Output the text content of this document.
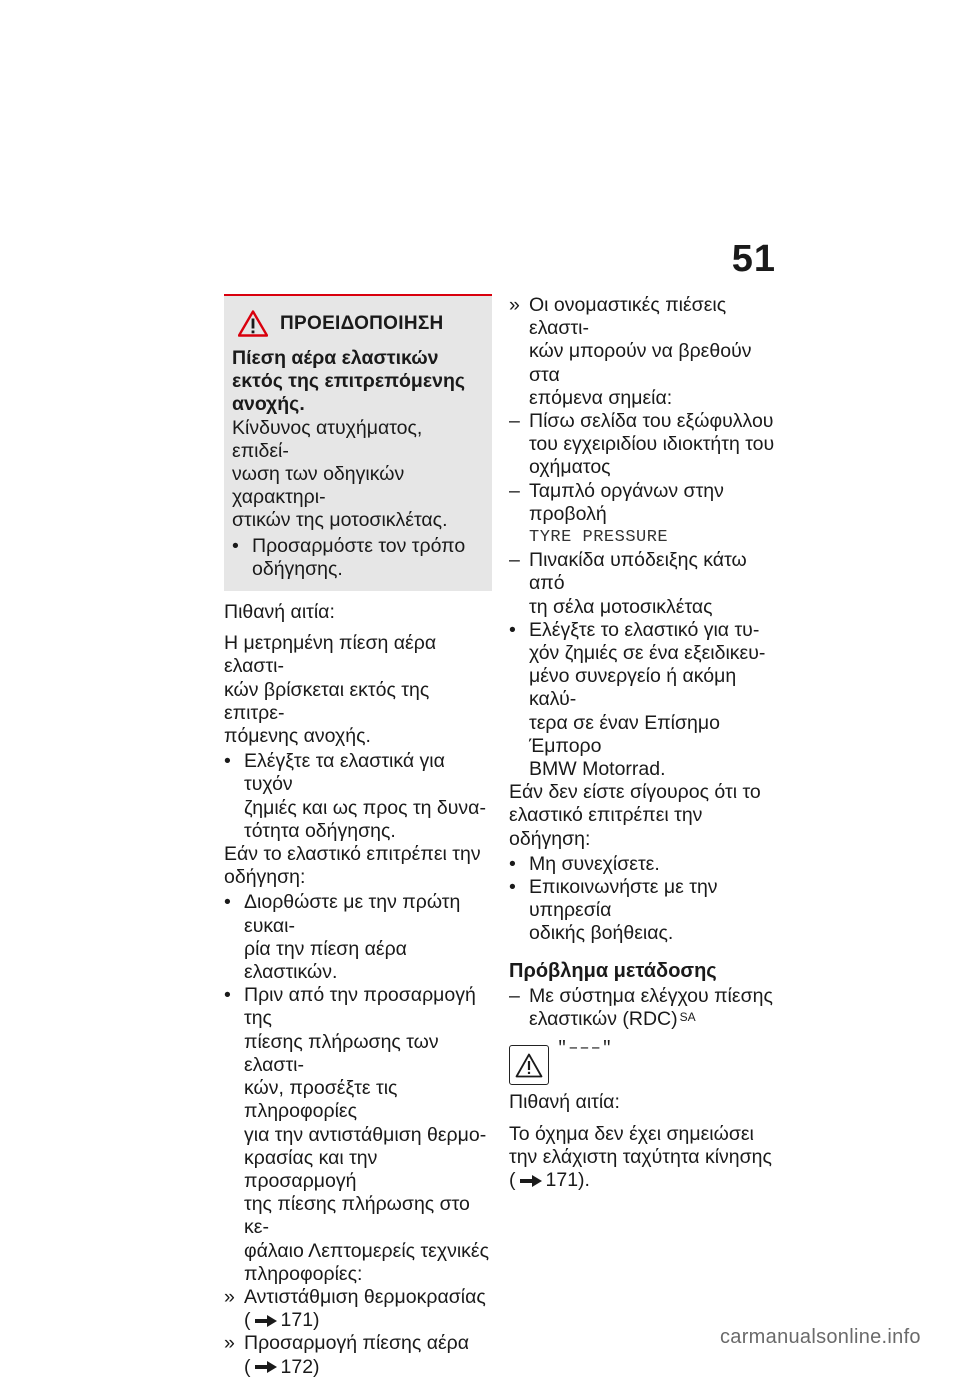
51
ΠΡΟΕΙΔΟΠΟΙΗΣΗ
Πίεση αέρα ελαστικών
εκτός της επιτρεπόμενης
ανοχής.
Κίνδυνος ατυχήματος, επιδεί-
νωση των οδηγικών χαρακτηρι-
στικών της μοτοσικλέτας.
• Προσαρμόστε τον τρόπο
οδήγησης.
Πιθανή αιτία:
Η μετρημένη πίεση αέρα ελαστι-
κών βρίσκεται εκτός της επιτρε-
πόμενης ανοχής.
• Ελέγξτε τα ελαστικά για τυχόν
ζημιές και ως προς τη δυνα-
τότητα οδήγησης.
Εάν το ελαστικό επιτρέπει την
οδήγηση:
• Διορθώστε με την πρώτη ευκαι-
ρία την πίεση αέρα ελαστικών.
• Πριν από την προσαρμογή της
πίεσης πλήρωσης των ελαστι-
κών, προσέξτε τις πληροφορίες
για την αντιστάθμιση θερμο-
κρασίας και την προσαρμογή
της πίεσης πλήρωσης στο κε-
φάλαιο Λεπτομερείς τεχνικές
πληροφορίες:
» Αντιστάθμιση θερμοκρασίας
( 171)
» Προσαρμογή πίεσης αέρα
( 172)
» Οι ονομαστικές πιέσεις ελαστι-
κών μπορούν να βρεθούν στα
επόμενα σημεία:
– Πίσω σελίδα του εξώφυλλου
του εγχειριδίου ιδιοκτήτη του
οχήματος
– Ταμπλό οργάνων στην προβολή
TYRE PRESSURE
– Πινακίδα υπόδειξης κάτω από
τη σέλα μοτοσικλέτας
• Ελέγξτε το ελαστικό για τυ-
χόν ζημιές σε ένα εξειδικευ-
μένο συνεργείο ή ακόμη καλύ-
τερα σε έναν Επίσημο Έμπορο
BMW Motorrad.
Εάν δεν είστε σίγουρος ότι το
ελαστικό επιτρέπει την οδήγηση:
• Μη συνεχίσετε.
• Επικοινωνήστε με την υπηρεσία
οδικής βοήθειας.
Πρόβλημα μετάδοσης
– Με σύστημα ελέγχου πίεσης
ελαστικών (RDC) $^{SA}$
"–––"
Πιθανή αιτία:
Το όχημα δεν έχει σημειώσει
την ελάχιστη ταχύτητα κίνησης
( 171).
carmanualsonline.info
